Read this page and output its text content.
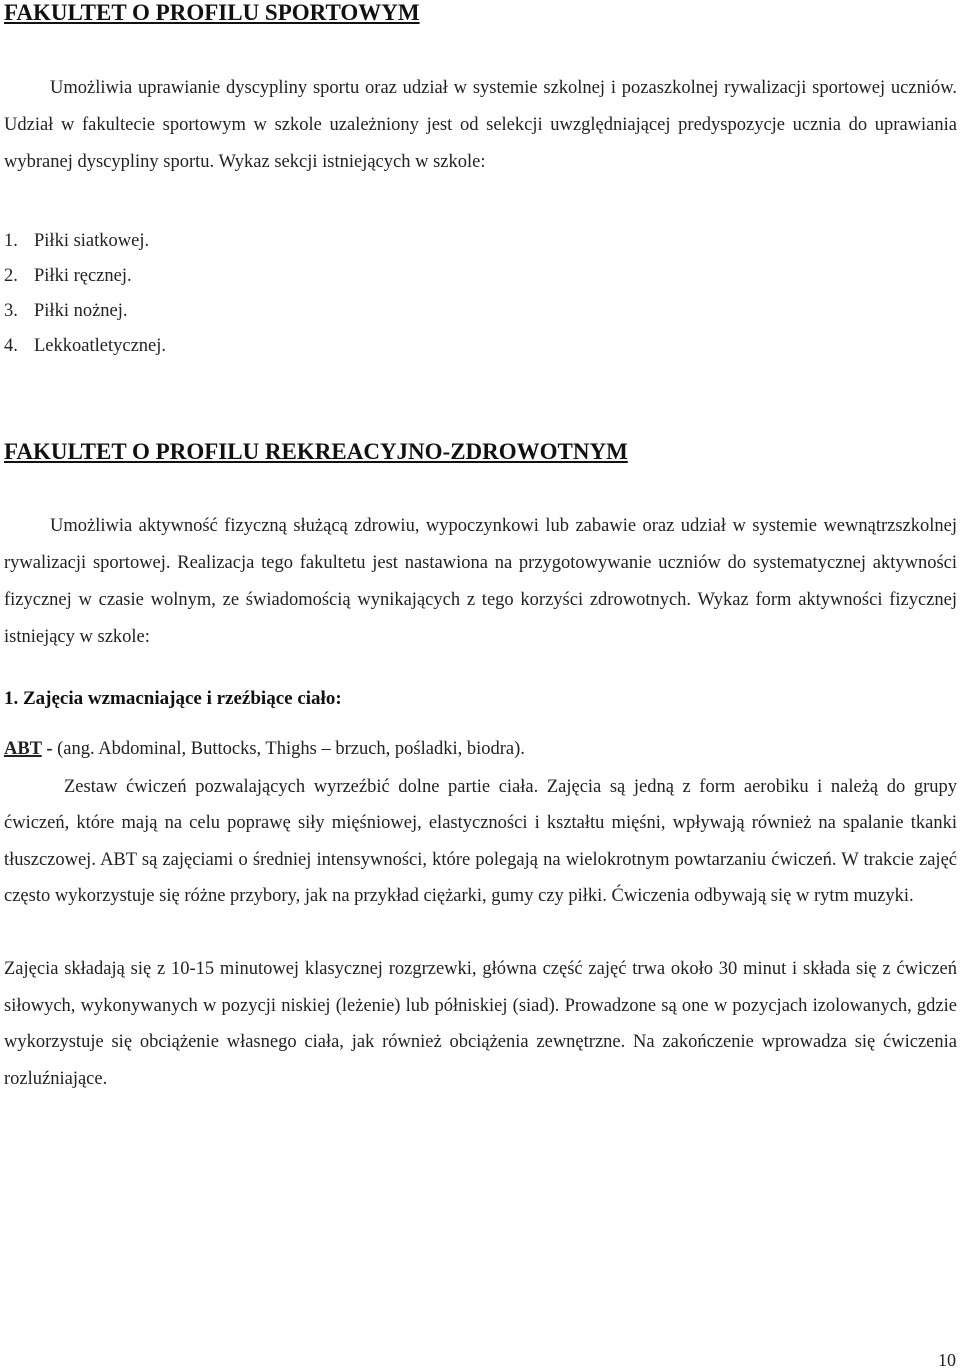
FAKULTET O PROFILU SPORTOWYM

Umożliwia uprawianie dyscypliny sportu oraz udział w systemie szkolnej i pozaszkolnej rywalizacji sportowej uczniów. Udział w fakultecie sportowym w szkole uzależniony jest od selekcji uwzględniającej predyspozycje ucznia do uprawiania wybranej dyscypliny sportu. Wykaz sekcji istniejących w szkole:

1. Piłki siatkowej.
2. Piłki ręcznej.
3. Piłki nożnej.
4. Lekkoatletycznej.
FAKULTET O PROFILU REKREACYJNO-ZDROWOTNYM

Umożliwia aktywność fizyczną służącą zdrowiu, wypoczynkowi lub zabawie oraz udział w systemie wewnątrzszkolnej rywalizacji sportowej. Realizacja tego fakultetu jest nastawiona na przygotowywanie uczniów do systematycznej aktywności fizycznej w czasie wolnym, ze świadomością wynikających z tego korzyści zdrowotnych. Wykaz form aktywności fizycznej istniejący w szkole:

1. Zajęcia wzmacniające i rzeźbiące ciało:

ABT - (ang. Abdominal, Buttocks, Thighs – brzuch, pośladki, biodra).

Zestaw ćwiczeń pozwalających wyrzeźbić dolne partie ciała. Zajęcia są jedną z form aerobiku i należą do grupy ćwiczeń, które mają na celu poprawę siły mięśniowej, elastyczności i kształtu mięśni, wpływają również na spalanie tkanki tłuszczowej. ABT są zajęciami o średniej intensywności, które polegają na wielokrotnym powtarzaniu ćwiczeń. W trakcie zajęć często wykorzystuje się różne przybory, jak na przykład ciężarki, gumy czy piłki. Ćwiczenia odbywają się w rytm muzyki.

Zajęcia składają się z 10-15 minutowej klasycznej rozgrzewki, główna część zajęć trwa około 30 minut i składa się z ćwiczeń siłowych, wykonywanych w pozycji niskiej (leżenie) lub półniskiej (siad). Prowadzone są one w pozycjach izolowanych, gdzie wykorzystuje się obciążenie własnego ciała, jak również obciążenia zewnętrzne. Na zakończenie wprowadza się ćwiczenia rozluźniające.

10
